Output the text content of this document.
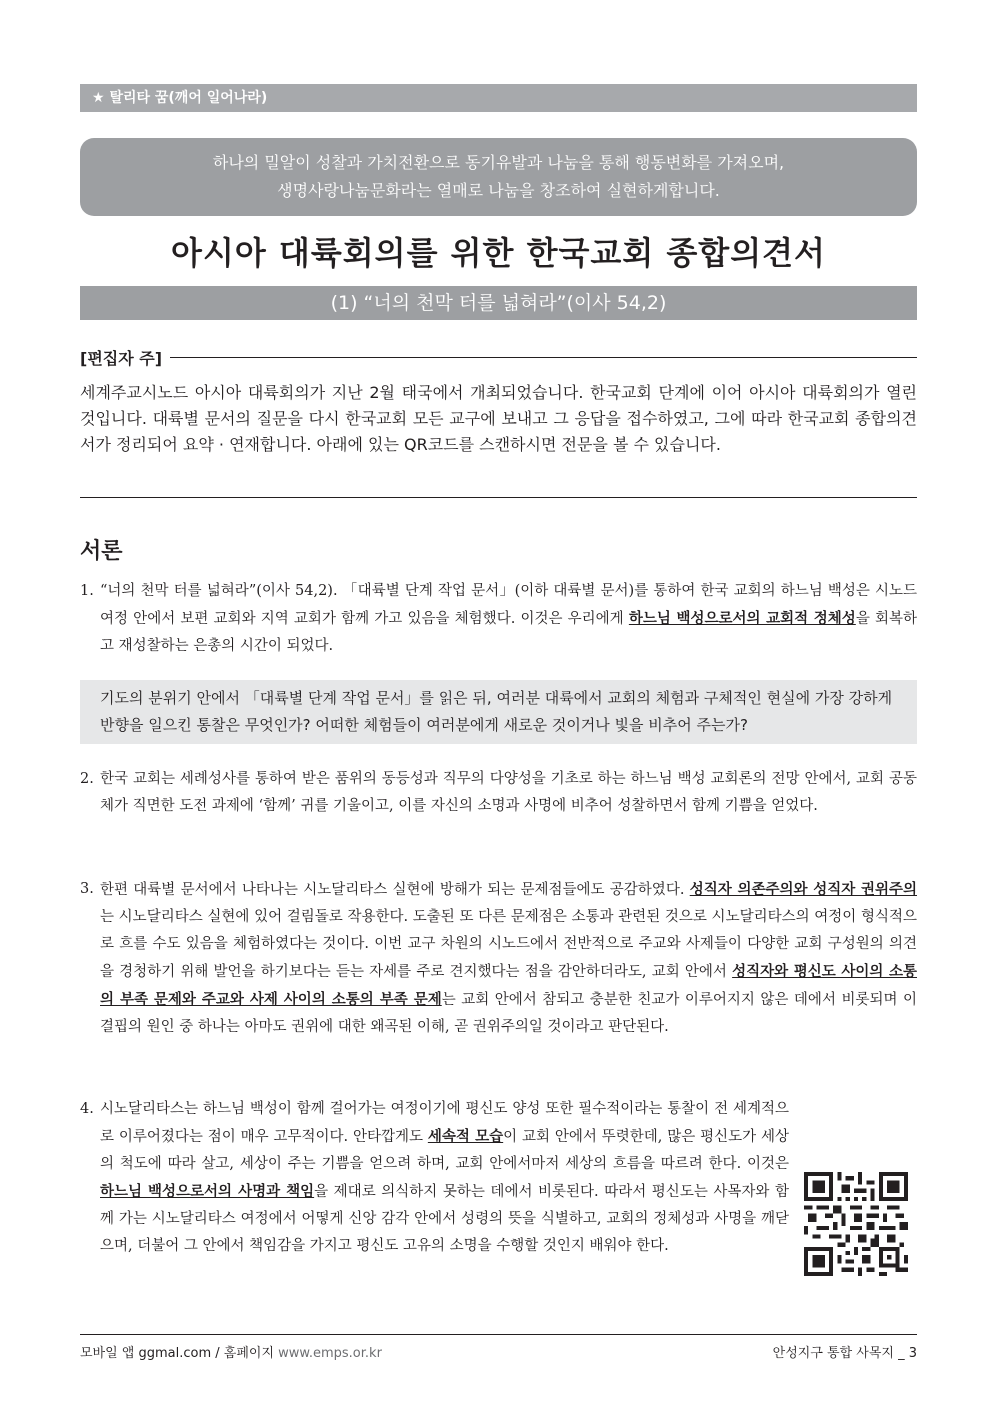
★ 탈리타 꿈(깨어 일어나라)
하나의 밀알이 성찰과 가치전환으로 동기유발과 나눔을 통해 행동변화를 가져오며,
생명사랑나눔문화라는 열매로 나눔을 창조하여 실현하게합니다.
아시아 대륙회의를 위한 한국교회 종합의견서
(1) “너의 천막 터를 넓혀라”(이사 54,2)
[편집자 주]
세계주교시노드 아시아 대륙회의가 지난 2월 태국에서 개최되었습니다. 한국교회 단계에 이어 아시아 대륙회의가 열린 것입니다. 대륙별 문서의 질문을 다시 한국교회 모든 교구에 보내고 그 응답을 접수하였고, 그에 따라 한국교회 종합의견서가 정리되어 요약 · 연재합니다. 아래에 있는 QR코드를 스캔하시면 전문을 볼 수 있습니다.
서론
1. “너의 천막 터를 넓혀라”(이사 54,2). 「대륙별 단계 작업 문서」(이하 대륙별 문서)를 통하여 한국 교회의 하느님 백성은 시노드 여정 안에서 보편 교회와 지역 교회가 함께 가고 있음을 체험했다. 이것은 우리에게 하느님 백성으로서의 교회적 정체성을 회복하고 재성찰하는 은총의 시간이 되었다.
기도의 분위기 안에서 「대륙별 단계 작업 문서」를 읽은 뒤, 여러분 대륙에서 교회의 체험과 구체적인 현실에 가장 강하게 반향을 일으킨 통찰은 무엇인가? 어떠한 체험들이 여러분에게 새로운 것이거나 빛을 비추어 주는가?
2. 한국 교회는 세례성사를 통하여 받은 품위의 동등성과 직무의 다양성을 기초로 하는 하느님 백성 교회론의 전망 안에서, 교회 공동체가 직면한 도전 과제에 ‘함께’ 귀를 기울이고, 이를 자신의 소명과 사명에 비추어 성찰하면서 함께 기쁨을 얻었다.
3. 한편 대륙별 문서에서 나타나는 시노달리타스 실현에 방해가 되는 문제점들에도 공감하였다. 성직자 의존주의와 성직자 권위주의는 시노달리타스 실현에 있어 걸림돌로 작용한다. 도출된 또 다른 문제점은 소통과 관련된 것으로 시노달리타스의 여정이 형식적으로 흐를 수도 있음을 체험하였다는 것이다. 이번 교구 차원의 시노드에서 전반적으로 주교와 사제들이 다양한 교회 구성원의 의견을 경청하기 위해 발언을 하기보다는 듣는 자세를 주로 견지했다는 점을 감안하더라도, 교회 안에서 성직자와 평신도 사이의 소통의 부족 문제와 주교와 사제 사이의 소통의 부족 문제는 교회 안에서 참되고 충분한 친교가 이루어지지 않은 데에서 비롯되며 이 결핍의 원인 중 하나는 아마도 권위에 대한 왜곡된 이해, 곧 권위주의일 것이라고 판단된다.
4. 시노달리타스는 하느님 백성이 함께 걸어가는 여정이기에 평신도 양성 또한 필수적이라는 통찰이 전 세계적으로 이루어졌다는 점이 매우 고무적이다. 안타깝게도 세속적 모습이 교회 안에서 뚜렷한데, 많은 평신도가 세상의 척도에 따라 살고, 세상이 주는 기쁨을 얻으려 하며, 교회 안에서마저 세상의 흐름을 따르려 한다. 이것은 하느님 백성으로서의 사명과 책임을 제대로 의식하지 못하는 데에서 비롯된다. 따라서 평신도는 사목자와 함께 가는 시노달리타스 여정에서 어떻게 신앙 감각 안에서 성령의 뜻을 식별하고, 교회의 정체성과 사명을 깨닫으며, 더불어 그 안에서 책임감을 가지고 평신도 고유의 소명을 수행할 것인지 배워야 한다.
모바일 앱 ggmal.com / 홈페이지 www.emps.or.kr	안성지구 통합 사목지 _ 3
